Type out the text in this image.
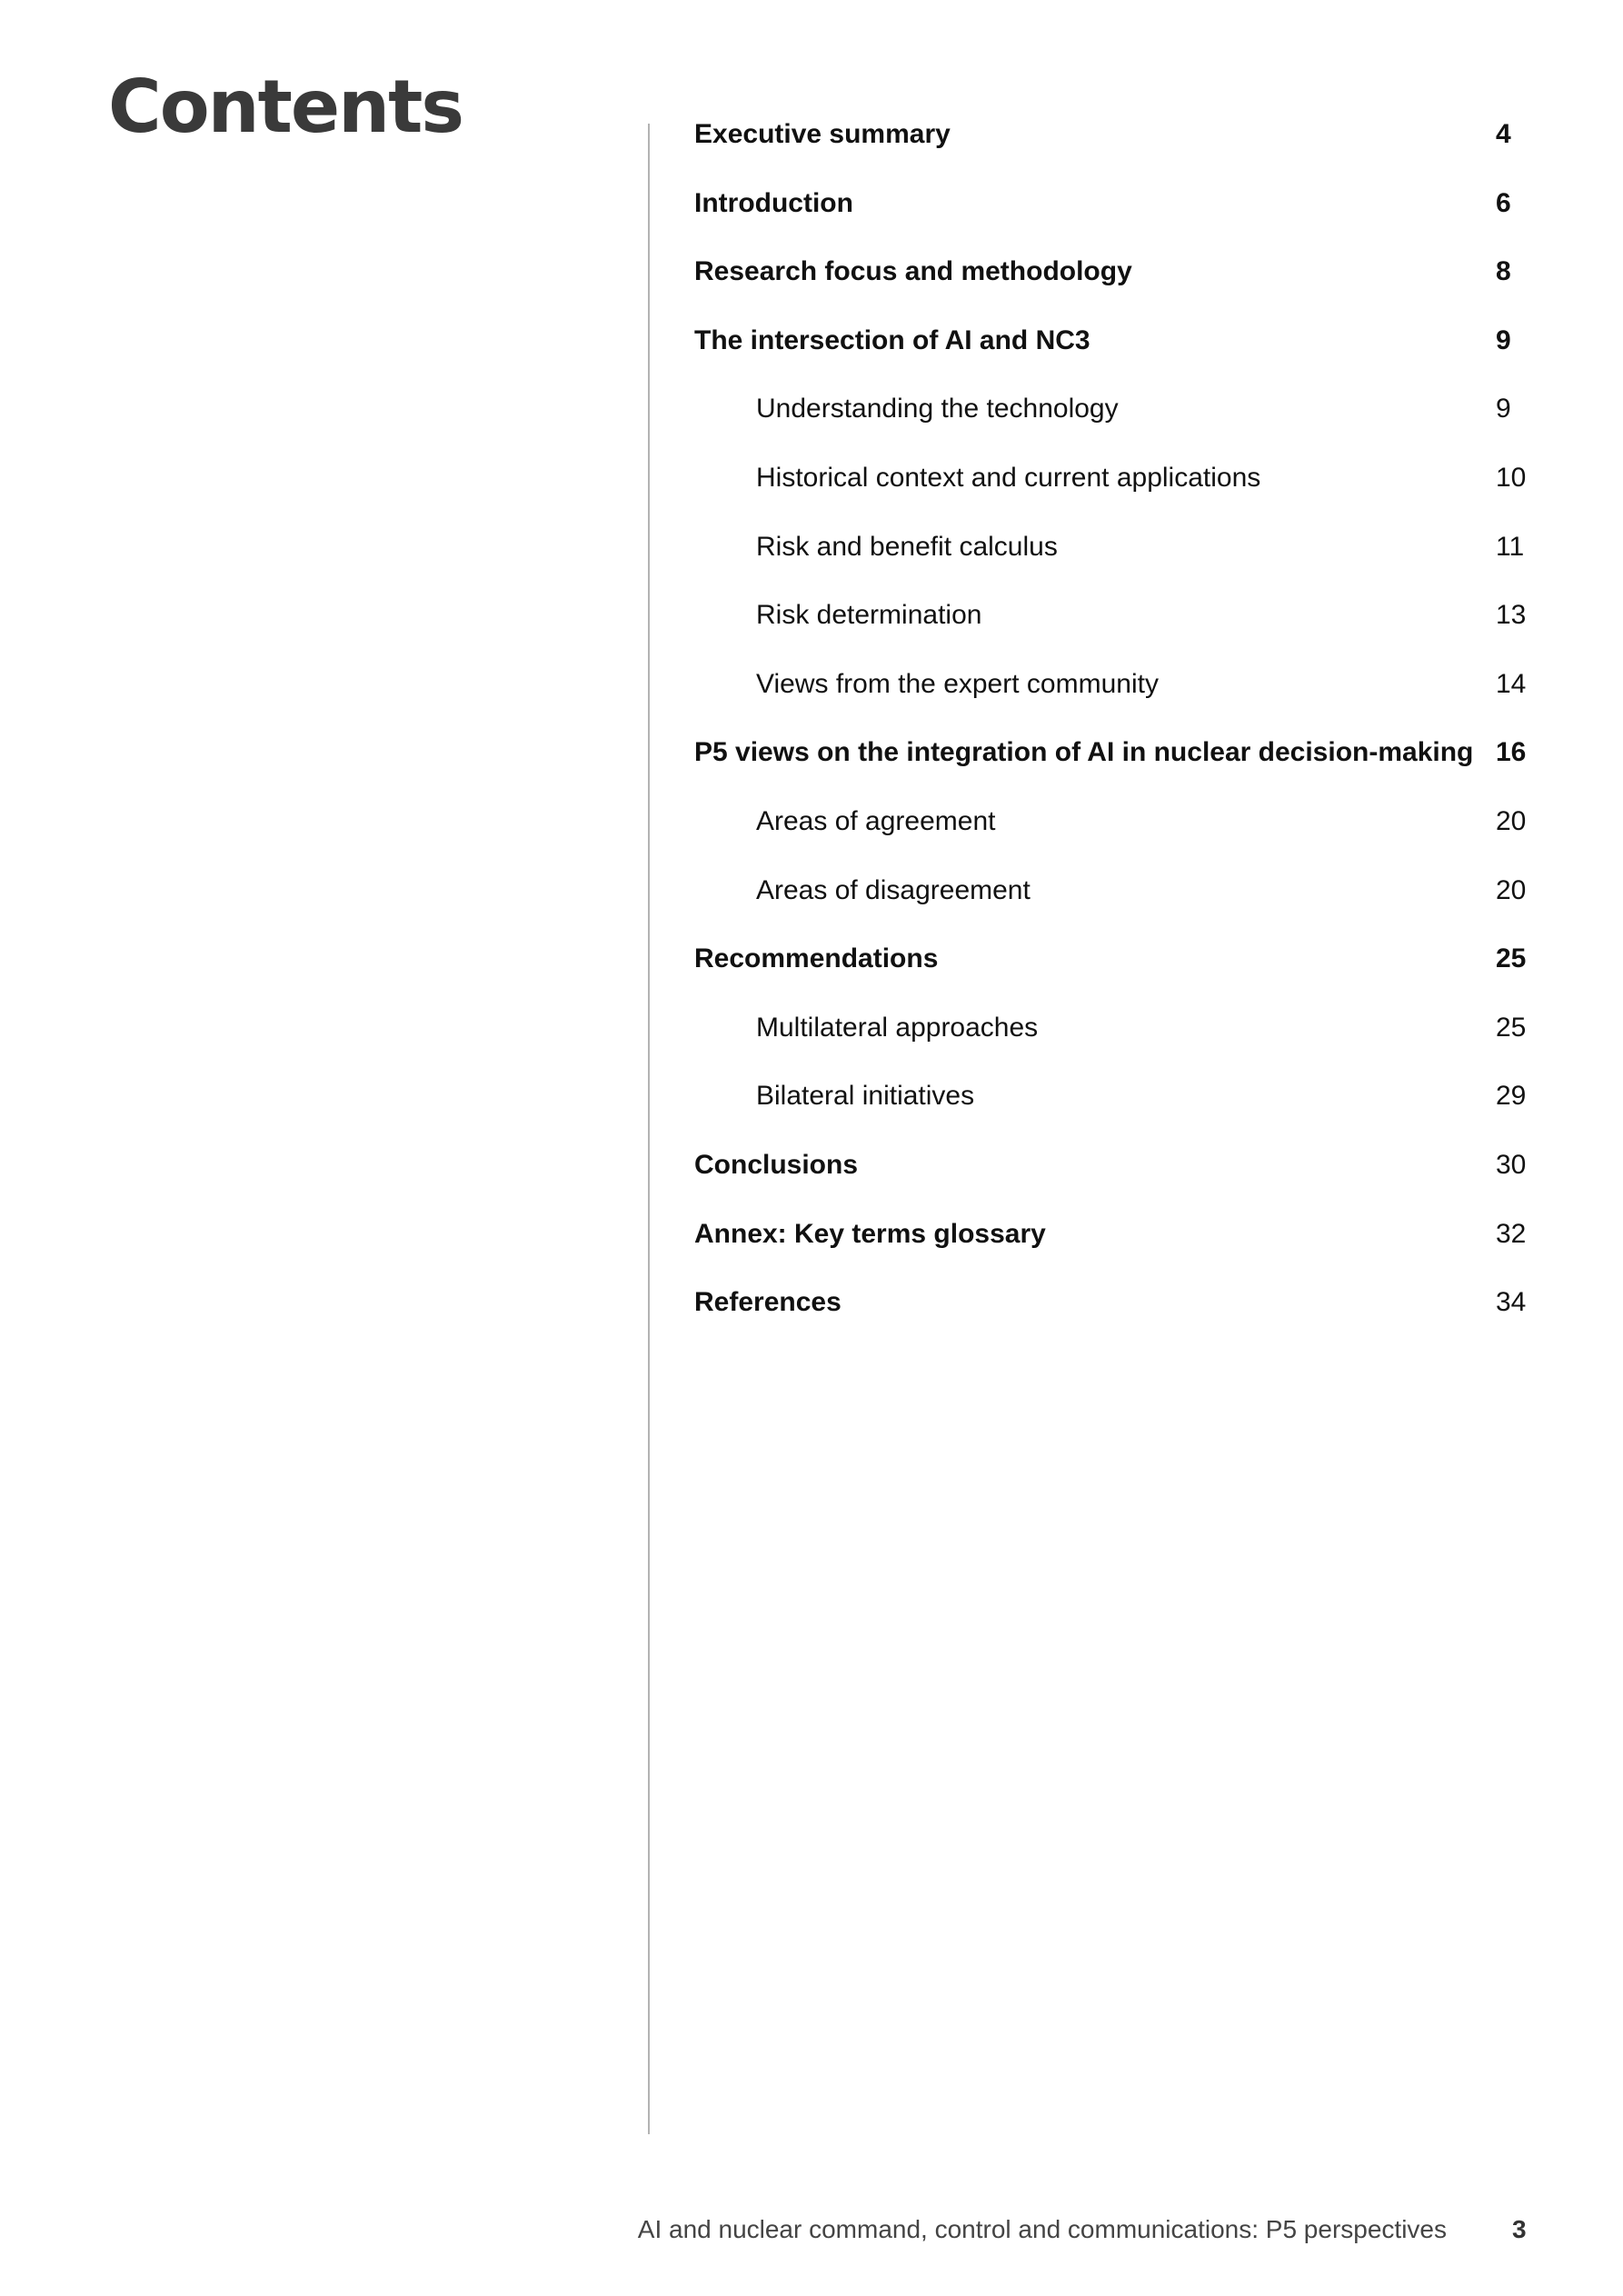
Contents	Executive summary	4
Introduction	6
Research focus and methodology	8
The intersection of AI and NC3	9
Understanding the technology	9
Historical context and current applications	10
Risk and benefit calculus	11
Risk determination	13
Views from the expert community	14
P5 views on the integration of AI in nuclear decision-making 16
Areas of agreement	20
Areas of disagreement	20
Recommendations	25
Multilateral approaches	25
Bilateral initiatives	29
Conclusions	30
Annex: Key terms glossary	32
References	34
AI and nuclear command, control and communications: P5 perspectives	3
